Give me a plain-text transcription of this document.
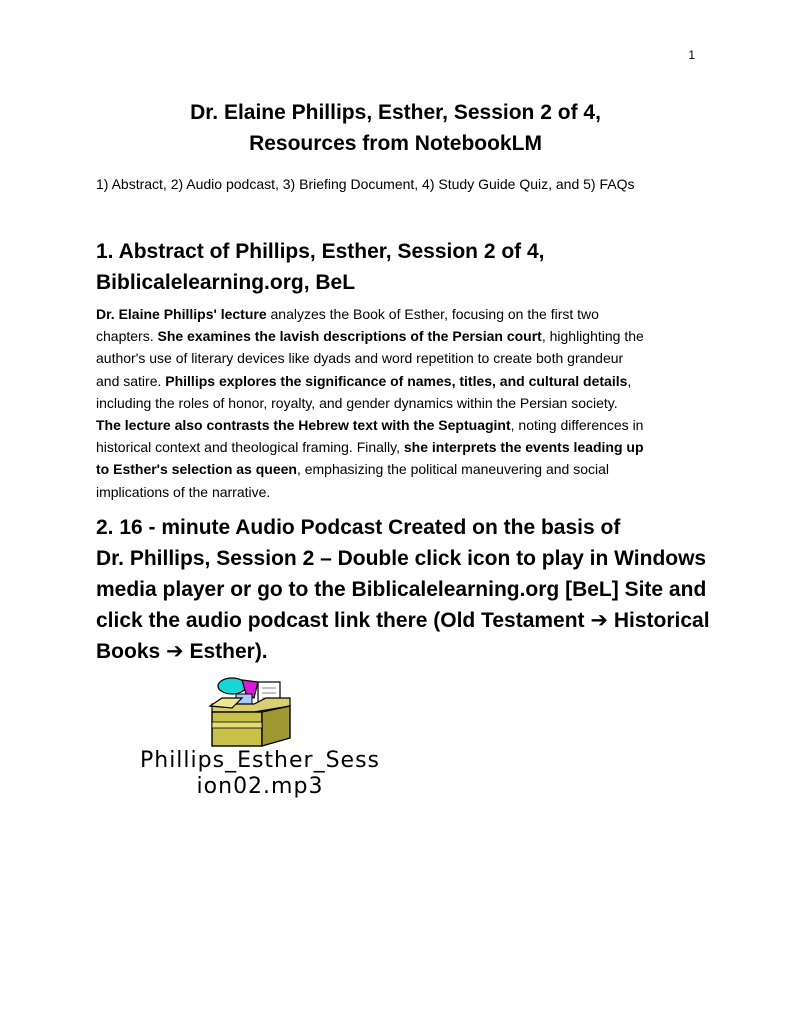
1
Dr. Elaine Phillips, Esther, Session 2 of 4,
Resources from NotebookLM
1) Abstract, 2) Audio podcast, 3) Briefing Document, 4) Study Guide Quiz, and 5) FAQs
1. Abstract of Phillips, Esther, Session 2 of 4,
Biblicalelearning.org, BeL
Dr. Elaine Phillips' lecture analyzes the Book of Esther, focusing on the first two
chapters. She examines the lavish descriptions of the Persian court, highlighting the
author's use of literary devices like dyads and word repetition to create both grandeur
and satire. Phillips explores the significance of names, titles, and cultural details,
including the roles of honor, royalty, and gender dynamics within the Persian society.
The lecture also contrasts the Hebrew text with the Septuagint, noting differences in
historical context and theological framing. Finally, she interprets the events leading up
to Esther's selection as queen, emphasizing the political maneuvering and social
implications of the narrative.
2. 16 - minute Audio Podcast Created on the basis of
Dr. Phillips, Session 2 – Double click icon to play in Windows
media player or go to the Biblicalelearning.org [BeL] Site and
click the audio podcast link there (Old Testament ➔ Historical
Books ➔ Esther).
Phillips_Esther_Sess
ion02.mp3
